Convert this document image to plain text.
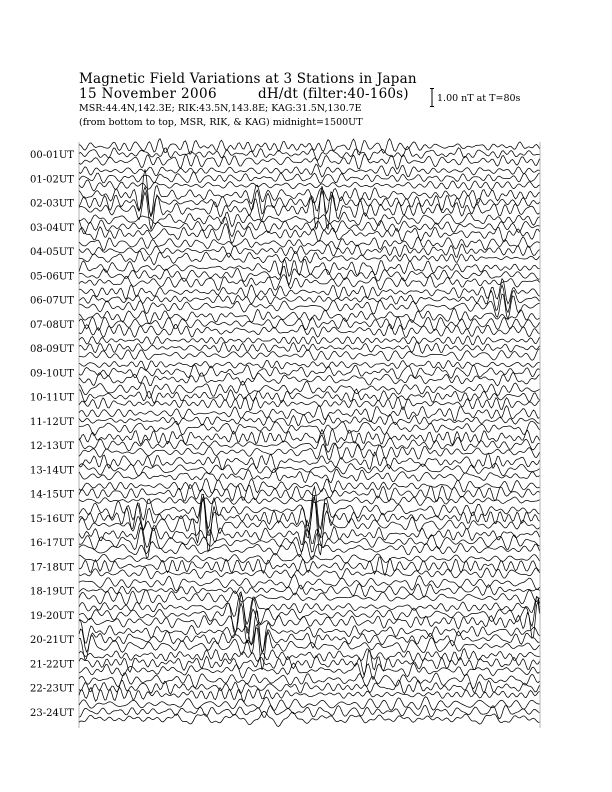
Magnetic Field Variations at 3 Stations in Japan
15 November 2006	dH/dt (filter:40-160s)
MSR:44.4N,142.3E; RIK:43.5N,143.8E; KAG:31.5N,130.7E
(from bottom to top, MSR, RIK, & KAG) midnight=1500UT
1.00 nT at T=80s
00-01UT
01-02UT
02-03UT
03-04UT
04-05UT
05-06UT
06-07UT
07-08UT
08-09UT
09-10UT
10-11UT
11-12UT
12-13UT
13-14UT
14-15UT
15-16UT
16-17UT
17-18UT
18-19UT
19-20UT
20-21UT
21-22UT
22-23UT
23-24UT
